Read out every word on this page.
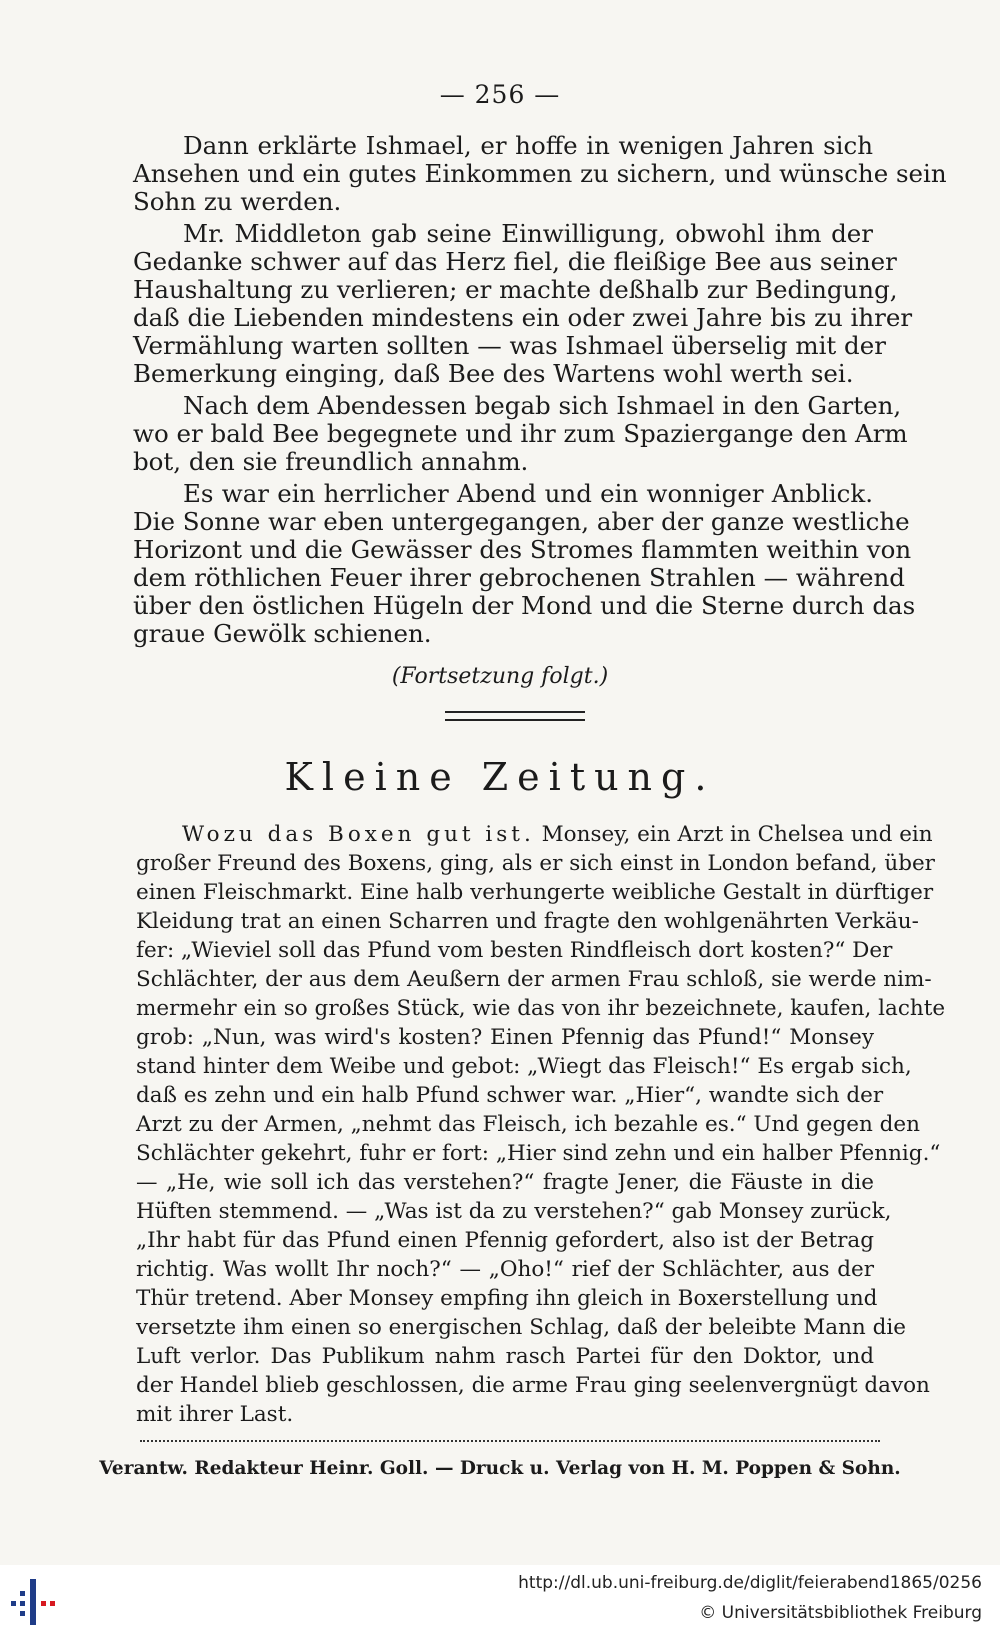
— 256 —
Dann erklärte Ishmael, er hoffe in wenigen Jahren sich
Ansehen und ein gutes Einkommen zu sichern, und wünsche sein
Sohn zu werden.
Mr. Middleton gab seine Einwilligung, obwohl ihm der
Gedanke schwer auf das Herz fiel, die fleißige Bee aus seiner
Haushaltung zu verlieren; er machte deßhalb zur Bedingung,
daß die Liebenden mindestens ein oder zwei Jahre bis zu ihrer
Vermählung warten sollten — was Ishmael überselig mit der
Bemerkung einging, daß Bee des Wartens wohl werth sei.
Nach dem Abendessen begab sich Ishmael in den Garten,
wo er bald Bee begegnete und ihr zum Spaziergange den Arm
bot, den sie freundlich annahm.
Es war ein herrlicher Abend und ein wonniger Anblick.
Die Sonne war eben untergegangen, aber der ganze westliche
Horizont und die Gewässer des Stromes flammten weithin von
dem röthlichen Feuer ihrer gebrochenen Strahlen — während
über den östlichen Hügeln der Mond und die Sterne durch das
graue Gewölk schienen.
(Fortsetzung folgt.)
Kleine Zeitung.
Wozu das Boxen gut ist. Monsey, ein Arzt in Chelsea und ein
großer Freund des Boxens, ging, als er sich einst in London befand, über
einen Fleischmarkt. Eine halb verhungerte weibliche Gestalt in dürftiger
Kleidung trat an einen Scharren und fragte den wohlgenährten Verkäu-
fer: „Wieviel soll das Pfund vom besten Rindfleisch dort kosten?“ Der
Schlächter, der aus dem Aeußern der armen Frau schloß, sie werde nim-
mermehr ein so großes Stück, wie das von ihr bezeichnete, kaufen, lachte
grob: „Nun, was wird's kosten? Einen Pfennig das Pfund!“ Monsey
stand hinter dem Weibe und gebot: „Wiegt das Fleisch!“ Es ergab sich,
daß es zehn und ein halb Pfund schwer war. „Hier“, wandte sich der
Arzt zu der Armen, „nehmt das Fleisch, ich bezahle es.“ Und gegen den
Schlächter gekehrt, fuhr er fort: „Hier sind zehn und ein halber Pfennig.“
— „He, wie soll ich das verstehen?“ fragte Jener, die Fäuste in die
Hüften stemmend. — „Was ist da zu verstehen?“ gab Monsey zurück,
„Ihr habt für das Pfund einen Pfennig gefordert, also ist der Betrag
richtig. Was wollt Ihr noch?“ — „Oho!“ rief der Schlächter, aus der
Thür tretend. Aber Monsey empfing ihn gleich in Boxerstellung und
versetzte ihm einen so energischen Schlag, daß der beleibte Mann die
Luft verlor. Das Publikum nahm rasch Partei für den Doktor, und
der Handel blieb geschlossen, die arme Frau ging seelenvergnügt davon
mit ihrer Last.
Verantw. Redakteur Heinr. Goll. — Druck u. Verlag von H. M. Poppen & Sohn.
http://dl.ub.uni-freiburg.de/diglit/feierabend1865/0256
© Universitätsbibliothek Freiburg
